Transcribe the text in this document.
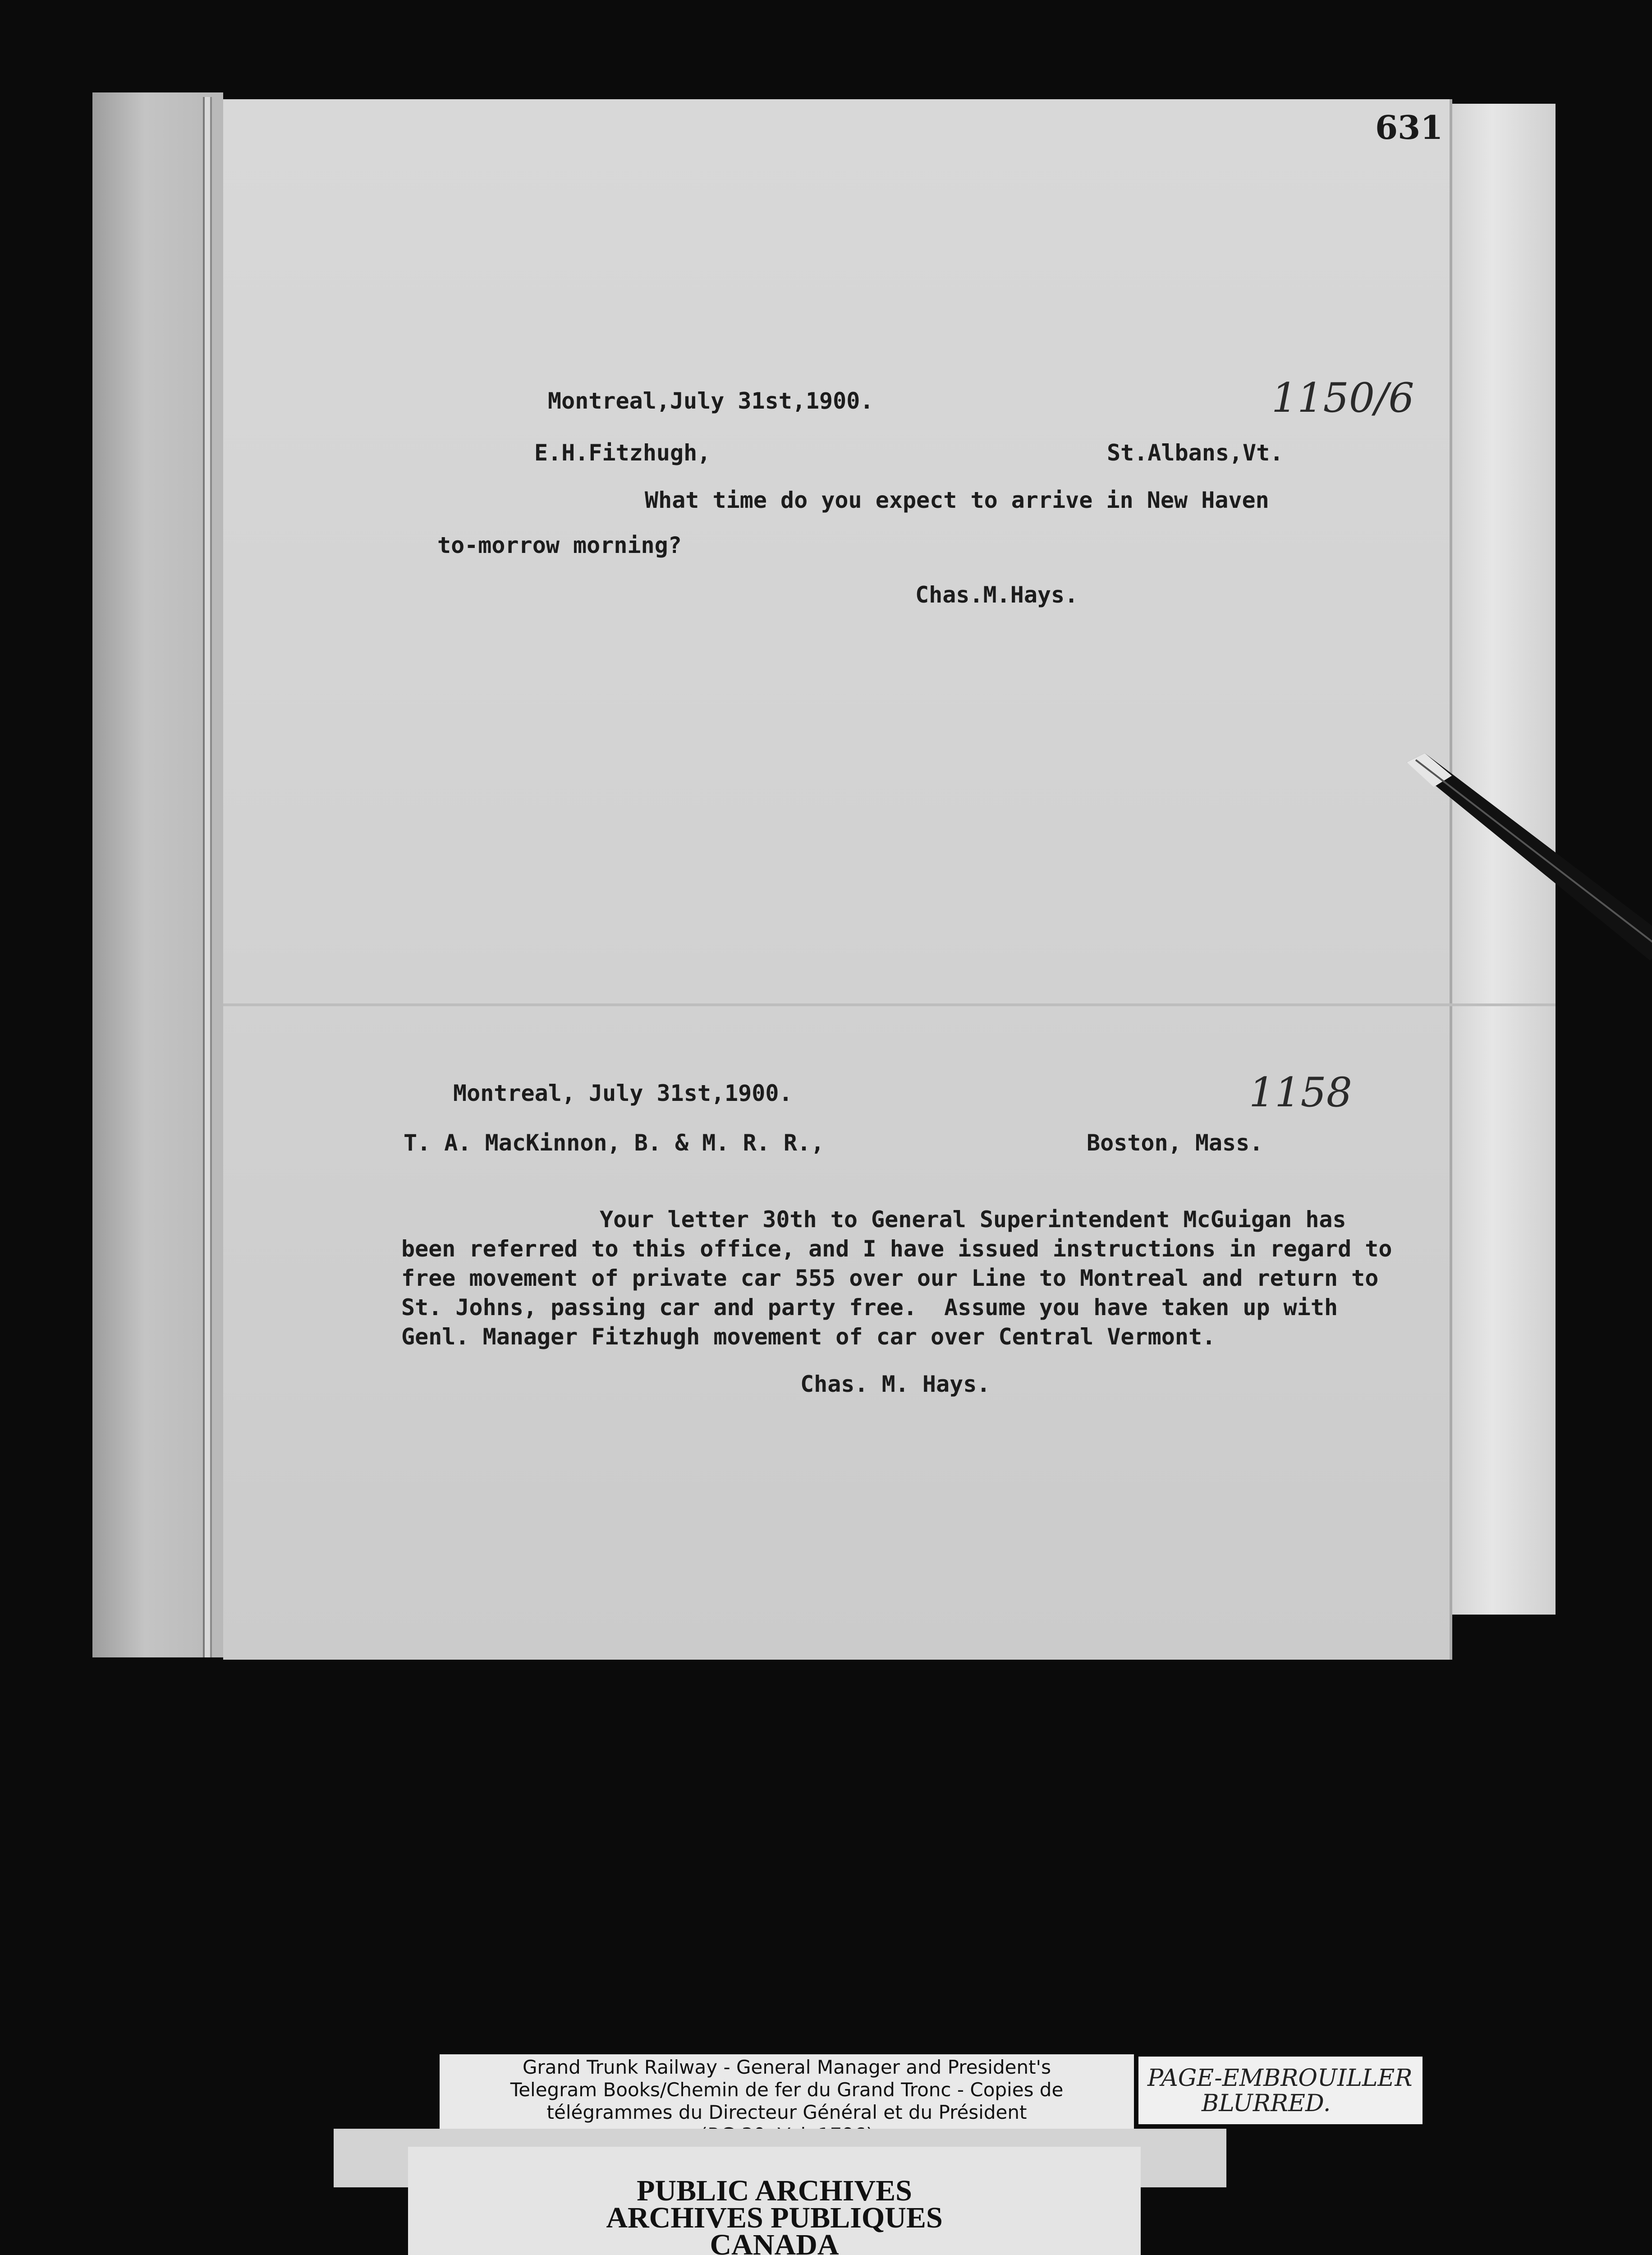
631
Montreal,July 31st,1900.	1150/6
E.H.Fitzhugh,	St.Albans,Vt.
What time do you expect to arrive in New Haven
to-morrow morning?
Chas.M.Hays.
Montreal, July 31st,1900.	1158
T. A. MacKinnon, B. & M. R. R.,	Boston, Mass.
Your letter 30th to General Superintendent McGuigan has
been referred to this office, and I have issued instructions in regard to
free movement of private car 555 over our Line to Montreal and return to
St. Johns, passing car and party free.  Assume you have taken up with
Genl. Manager Fitzhugh movement of car over Central Vermont.
Chas. M. Hays.
Grand Trunk Railway - General Manager and President's
Telegram Books/Chemin de fer du Grand Tronc - Copies de
télégrammes du Directeur Général et du Président
PAGE-EMBROUILLER
BLURRED.
PUBLIC ARCHIVES
ARCHIVES PUBLIQUES
CANADA
